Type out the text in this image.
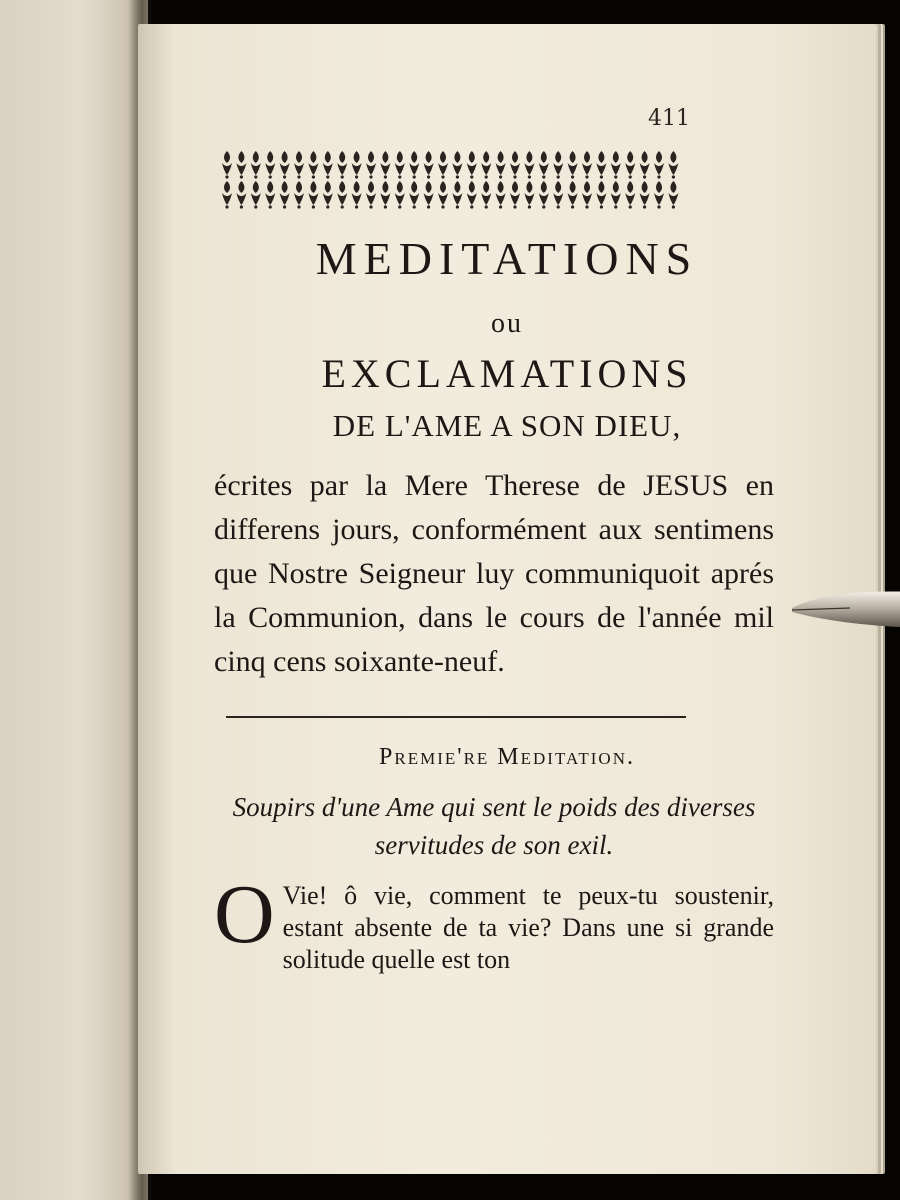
411
MEDITATIONS
ou
EXCLAMATIONS
DE L'AME A SON DIEU,
écrites par la Mere Therese de JESUS en differens jours, conformément aux sentimens que Nostre Seigneur luy communiquoit aprés la Communion, dans le cours de l'année mil cinq cens soixante-neuf.
Premie're Meditation.
Soupirs d'une Ame qui sent le poids des diverses servitudes de son exil.
O Vie! ô vie, comment te peux-tu soustenir, estant absente de ta vie? Dans une si grande solitude quelle est ton
